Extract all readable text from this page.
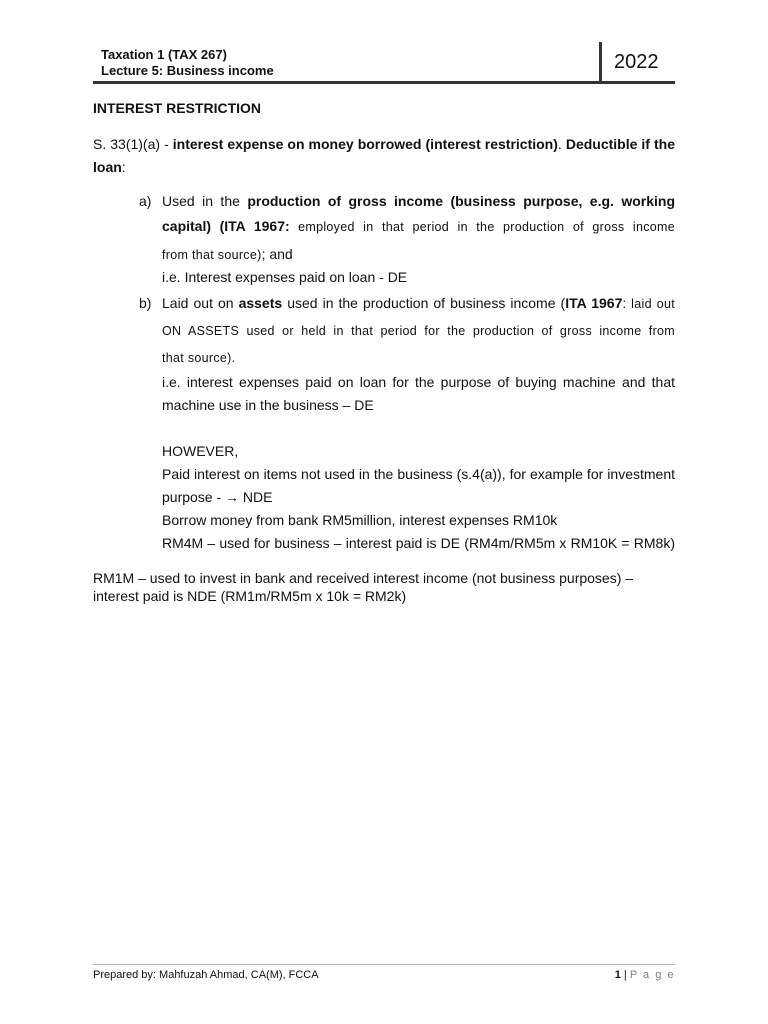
Taxation 1 (TAX 267)
Lecture 5: Business income	2022
INTEREST RESTRICTION
S. 33(1)(a) - interest expense on money borrowed (interest restriction). Deductible if the
loan:
a) Used in the production of gross income (business purpose, e.g. working
capital) (ITA 1967: employed in that period in the production of gross income
from that source); and
i.e. Interest expenses paid on loan - DE
b) Laid out on assets used in the production of business income (ITA 1967: laid out
ON ASSETS used or held in that period for the production of gross income from
that source).
i.e. interest expenses paid on loan for the purpose of buying machine and that
machine use in the business – DE
HOWEVER,
Paid interest on items not used in the business (s.4(a)), for example for investment
purpose - → NDE
Borrow money from bank RM5million, interest expenses RM10k
RM4M – used for business – interest paid is DE (RM4m/RM5m x RM10K = RM8k)
RM1M – used to invest in bank and received interest income (not business purposes) –
interest paid is NDE (RM1m/RM5m x 10k = RM2k)
Prepared by: Mahfuzah Ahmad, CA(M), FCCA	1 | P a g e
